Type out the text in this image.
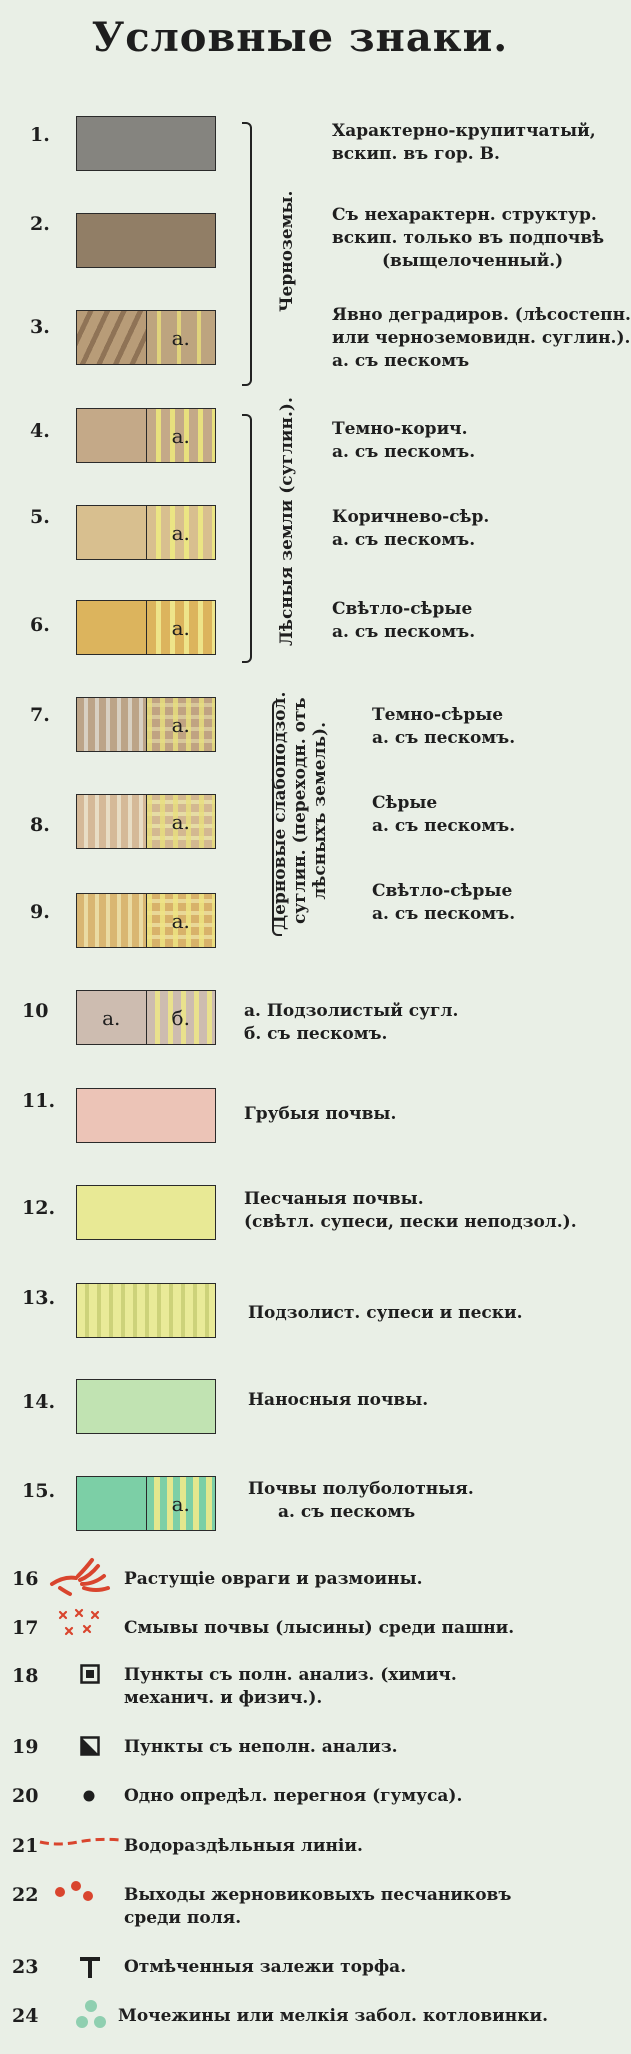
Условные знаки.
Черноземы.
Лѣсныя земли (суглин.).
Дерновые слабоподзол. суглин. (переходн. отъ лѣсныхъ земель).
1.	Характерно-крупитчатый,
вскип. въ гор. В.
2.	Съ нехарактерн. структур.
вскип. только въ подпочвѣ
(выщелоченный.)
3.	а.
Явно деградиров. (лѣсостепн.
или черноземовидн. суглин.).
а. съ пескомъ
4.	а.	Темно-корич.
а. съ пескомъ.
5.
а.
Коричнево-сѣр.
а. съ пескомъ.
6.	а.
Свѣтло-сѣрые
а. съ пескомъ.
7.	а.	Темно-сѣрые
а. съ пескомъ.
8.	а.
Сѣрые
а. съ пескомъ.
9.	а.
Свѣтло-сѣрые
а. съ пескомъ.
10	а.	б.	а. Подзолистый сугл.
б. съ пескомъ.
11.
Грубыя почвы.
12.	Песчаныя почвы.
(свѣтл. супеси, пески неподзол.).
13.
Подзолист. супеси и пески.
14.	Наносныя почвы.
15.
а.
Почвы полуболотныя.
а. съ пескомъ
16	Растущіе овраги и размоины.
17	Смывы почвы (лысины) среди пашни.
18	Пункты съ полн. анализ. (химич.
механич. и физич.).
19	Пункты съ неполн. анализ.
20	Одно опредѣл. перегноя (гумуса).
21	Водораздѣльныя линіи.
22	Выходы жерновиковыхъ песчаниковъ
среди поля.
23	Отмѣченныя залежи торфа.
24	Мочежины или мелкія забол. котловинки.
